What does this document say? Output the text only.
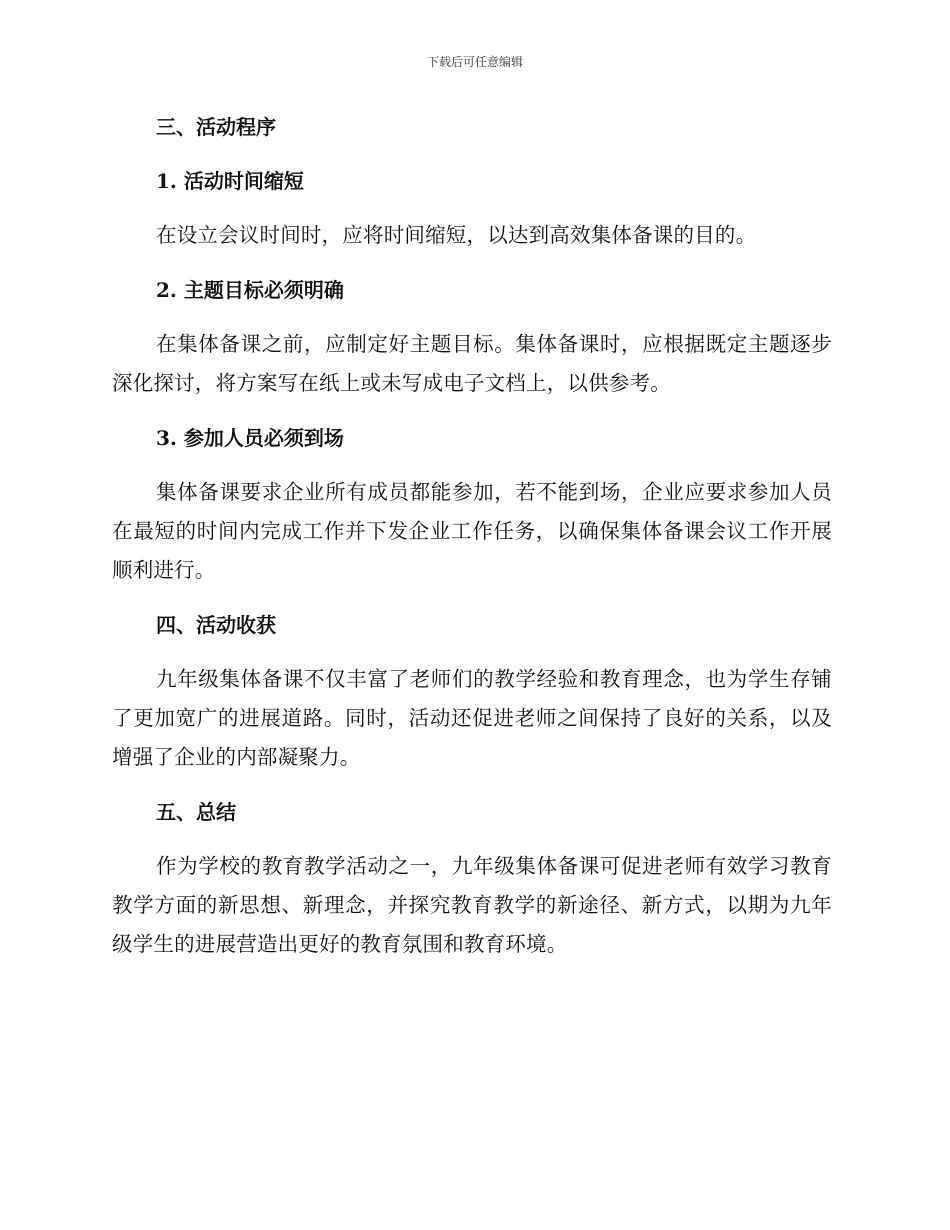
下载后可任意编辑
三、活动程序
1. 活动时间缩短

在设立会议时间时，应将时间缩短，以达到高效集体备课的目的。

2. 主题目标必须明确

在集体备课之前，应制定好主题目标。集体备课时，应根据既定主题逐步深化探讨，将方案写在纸上或未写成电子文档上，以供参考。

3. 参加人员必须到场

集体备课要求企业所有成员都能参加，若不能到场，企业应要求参加人员在最短的时间内完成工作并下发企业工作任务，以确保集体备课会议工作开展顺利进行。

四、活动收获

九年级集体备课不仅丰富了老师们的教学经验和教育理念，也为学生存铺了更加宽广的进展道路。同时，活动还促进老师之间保持了良好的关系，以及增强了企业的内部凝聚力。

五、总结

作为学校的教育教学活动之一，九年级集体备课可促进老师有效学习教育教学方面的新思想、新理念，并探究教育教学的新途径、新方式，以期为九年级学生的进展营造出更好的教育氛围和教育环境。
